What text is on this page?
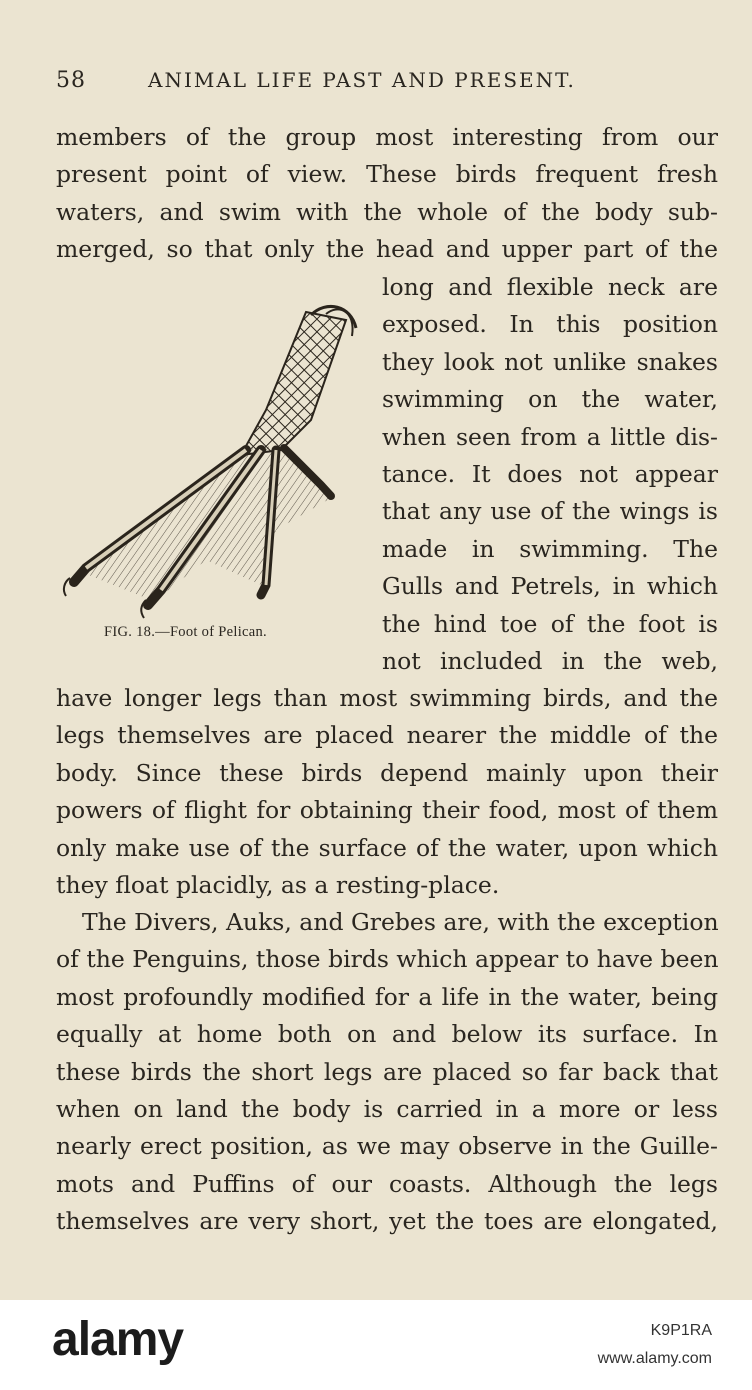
58	ANIMAL LIFE PAST AND PRESENT.
members of the group most interesting from our
present point of view. These birds frequent fresh
waters, and swim with the whole of the body sub-
merged, so that only the head and upper part of the
long and flexible neck are
exposed. In this position
they look not unlike snakes
swimming on the water,
when seen from a little dis-
tance. It does not appear
that any use of the wings is
made in swimming. The
Gulls and Petrels, in which
the hind toe of the foot is
not included in the web,
FIG. 18.—Foot of Pelican.
have longer legs than most swimming birds, and the
legs themselves are placed nearer the middle of the
body. Since these birds depend mainly upon their
powers of flight for obtaining their food, most of them
only make use of the surface of the water, upon which
they float placidly, as a resting-place.
The Divers, Auks, and Grebes are, with the exception
of the Penguins, those birds which appear to have been
most profoundly modified for a life in the water, being
equally at home both on and below its surface. In
these birds the short legs are placed so far back that
when on land the body is carried in a more or less
nearly erect position, as we may observe in the Guille-
mots and Puffins of our coasts. Although the legs
themselves are very short, yet the toes are elongated,
alamy	K9P1RA
www.alamy.com
